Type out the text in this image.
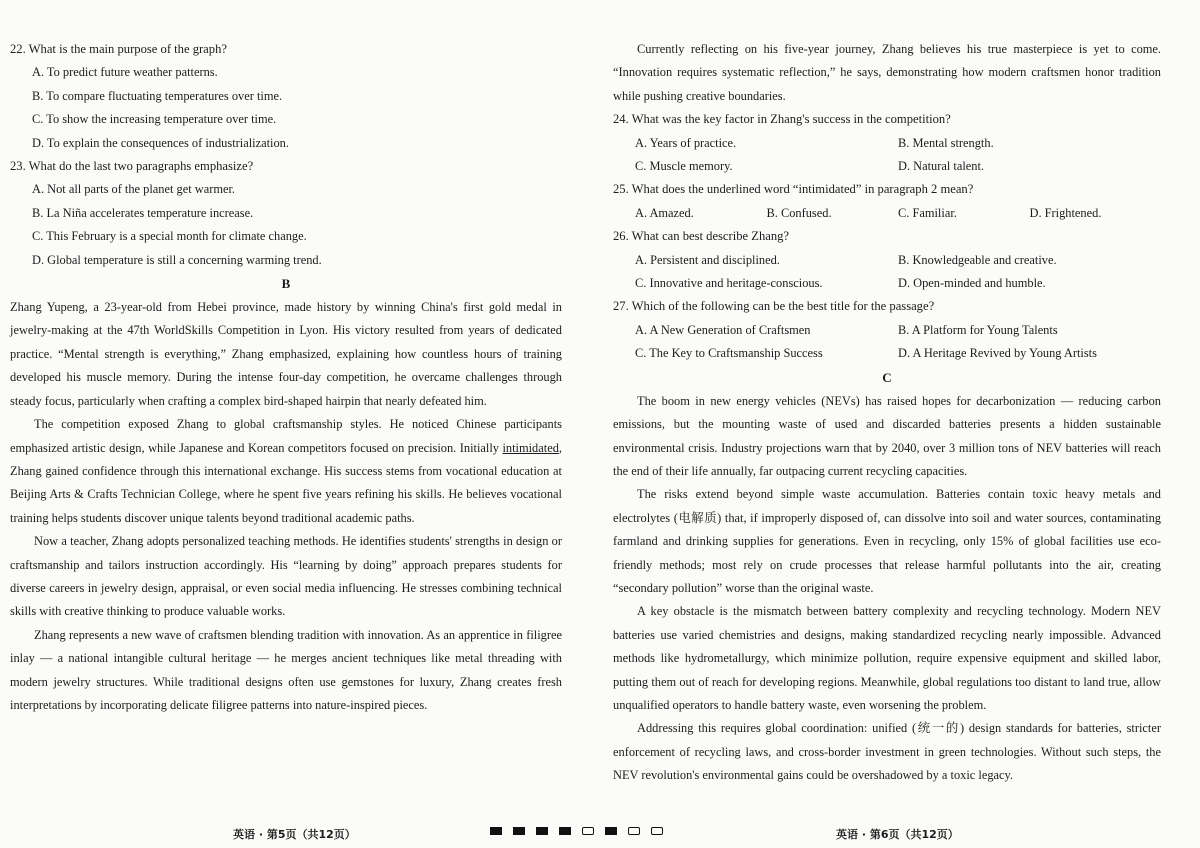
22. What is the main purpose of the graph?
A. To predict future weather patterns.
B. To compare fluctuating temperatures over time.
C. To show the increasing temperature over time.
D. To explain the consequences of industrialization.
23. What do the last two paragraphs emphasize?
A. Not all parts of the planet get warmer.
B. La Niña accelerates temperature increase.
C. This February is a special month for climate change.
D. Global temperature is still a concerning warming trend.
B

Zhang Yupeng, a 23-year-old from Hebei province, made history by winning China's first gold medal in jewelry-making at the 47th WorldSkills Competition in Lyon. His victory resulted from years of dedicated practice. “Mental strength is everything,” Zhang emphasized, explaining how countless hours of training developed his muscle memory. During the intense four-day competition, he overcame challenges through steady focus, particularly when crafting a complex bird-shaped hairpin that nearly defeated him.

The competition exposed Zhang to global craftsmanship styles. He noticed Chinese participants emphasized artistic design, while Japanese and Korean competitors focused on precision. Initially intimidated, Zhang gained confidence through this international exchange. His success stems from vocational education at Beijing Arts & Crafts Technician College, where he spent five years refining his skills. He believes vocational training helps students discover unique talents beyond traditional academic paths.

Now a teacher, Zhang adopts personalized teaching methods. He identifies students' strengths in design or craftsmanship and tailors instruction accordingly. His “learning by doing” approach prepares students for diverse careers in jewelry design, appraisal, or even social media influencing. He stresses combining technical skills with creative thinking to produce valuable works.

Zhang represents a new wave of craftsmen blending tradition with innovation. As an apprentice in filigree inlay — a national intangible cultural heritage — he merges ancient techniques like metal threading with modern jewelry structures. While traditional designs often use gemstones for luxury, Zhang creates fresh interpretations by incorporating delicate filigree patterns into nature-inspired pieces.

英语 · 第5页（共12页）

Currently reflecting on his five-year journey, Zhang believes his true masterpiece is yet to come. “Innovation requires systematic reflection,” he says, demonstrating how modern craftsmen honor tradition while pushing creative boundaries.

24. What was the key factor in Zhang's success in the competition?
A. Years of practice.	B. Mental strength.
C. Muscle memory.	D. Natural talent.
25. What does the underlined word “intimidated” in paragraph 2 mean?
A. Amazed.	B. Confused.	C. Familiar.	D. Frightened.
26. What can best describe Zhang?
A. Persistent and disciplined.	B. Knowledgeable and creative.
C. Innovative and heritage-conscious.	D. Open-minded and humble.
27. Which of the following can be the best title for the passage?
A. A New Generation of Craftsmen	B. A Platform for Young Talents
C. The Key to Craftsmanship Success	D. A Heritage Revived by Young Artists
C

The boom in new energy vehicles (NEVs) has raised hopes for decarbonization — reducing carbon emissions, but the mounting waste of used and discarded batteries presents a hidden sustainable environmental crisis. Industry projections warn that by 2040, over 3 million tons of NEV batteries will reach the end of their life annually, far outpacing current recycling capacities.

The risks extend beyond simple waste accumulation. Batteries contain toxic heavy metals and electrolytes (电解质) that, if improperly disposed of, can dissolve into soil and water sources, contaminating farmland and drinking supplies for generations. Even in recycling, only 15% of global facilities use eco-friendly methods; most rely on crude processes that release harmful pollutants into the air, creating “secondary pollution” worse than the original waste.

A key obstacle is the mismatch between battery complexity and recycling technology. Modern NEV batteries use varied chemistries and designs, making standardized recycling nearly impossible. Advanced methods like hydrometallurgy, which minimize pollution, require expensive equipment and skilled labor, putting them out of reach for developing regions. Meanwhile, global regulations too distant to land true, allow unqualified operators to handle battery waste, even worsening the problem.

Addressing this requires global coordination: unified (统一的) design standards for batteries, stricter enforcement of recycling laws, and cross-border investment in green technologies. Without such steps, the NEV revolution's environmental gains could be overshadowed by a toxic legacy.

英语 · 第6页（共12页）
